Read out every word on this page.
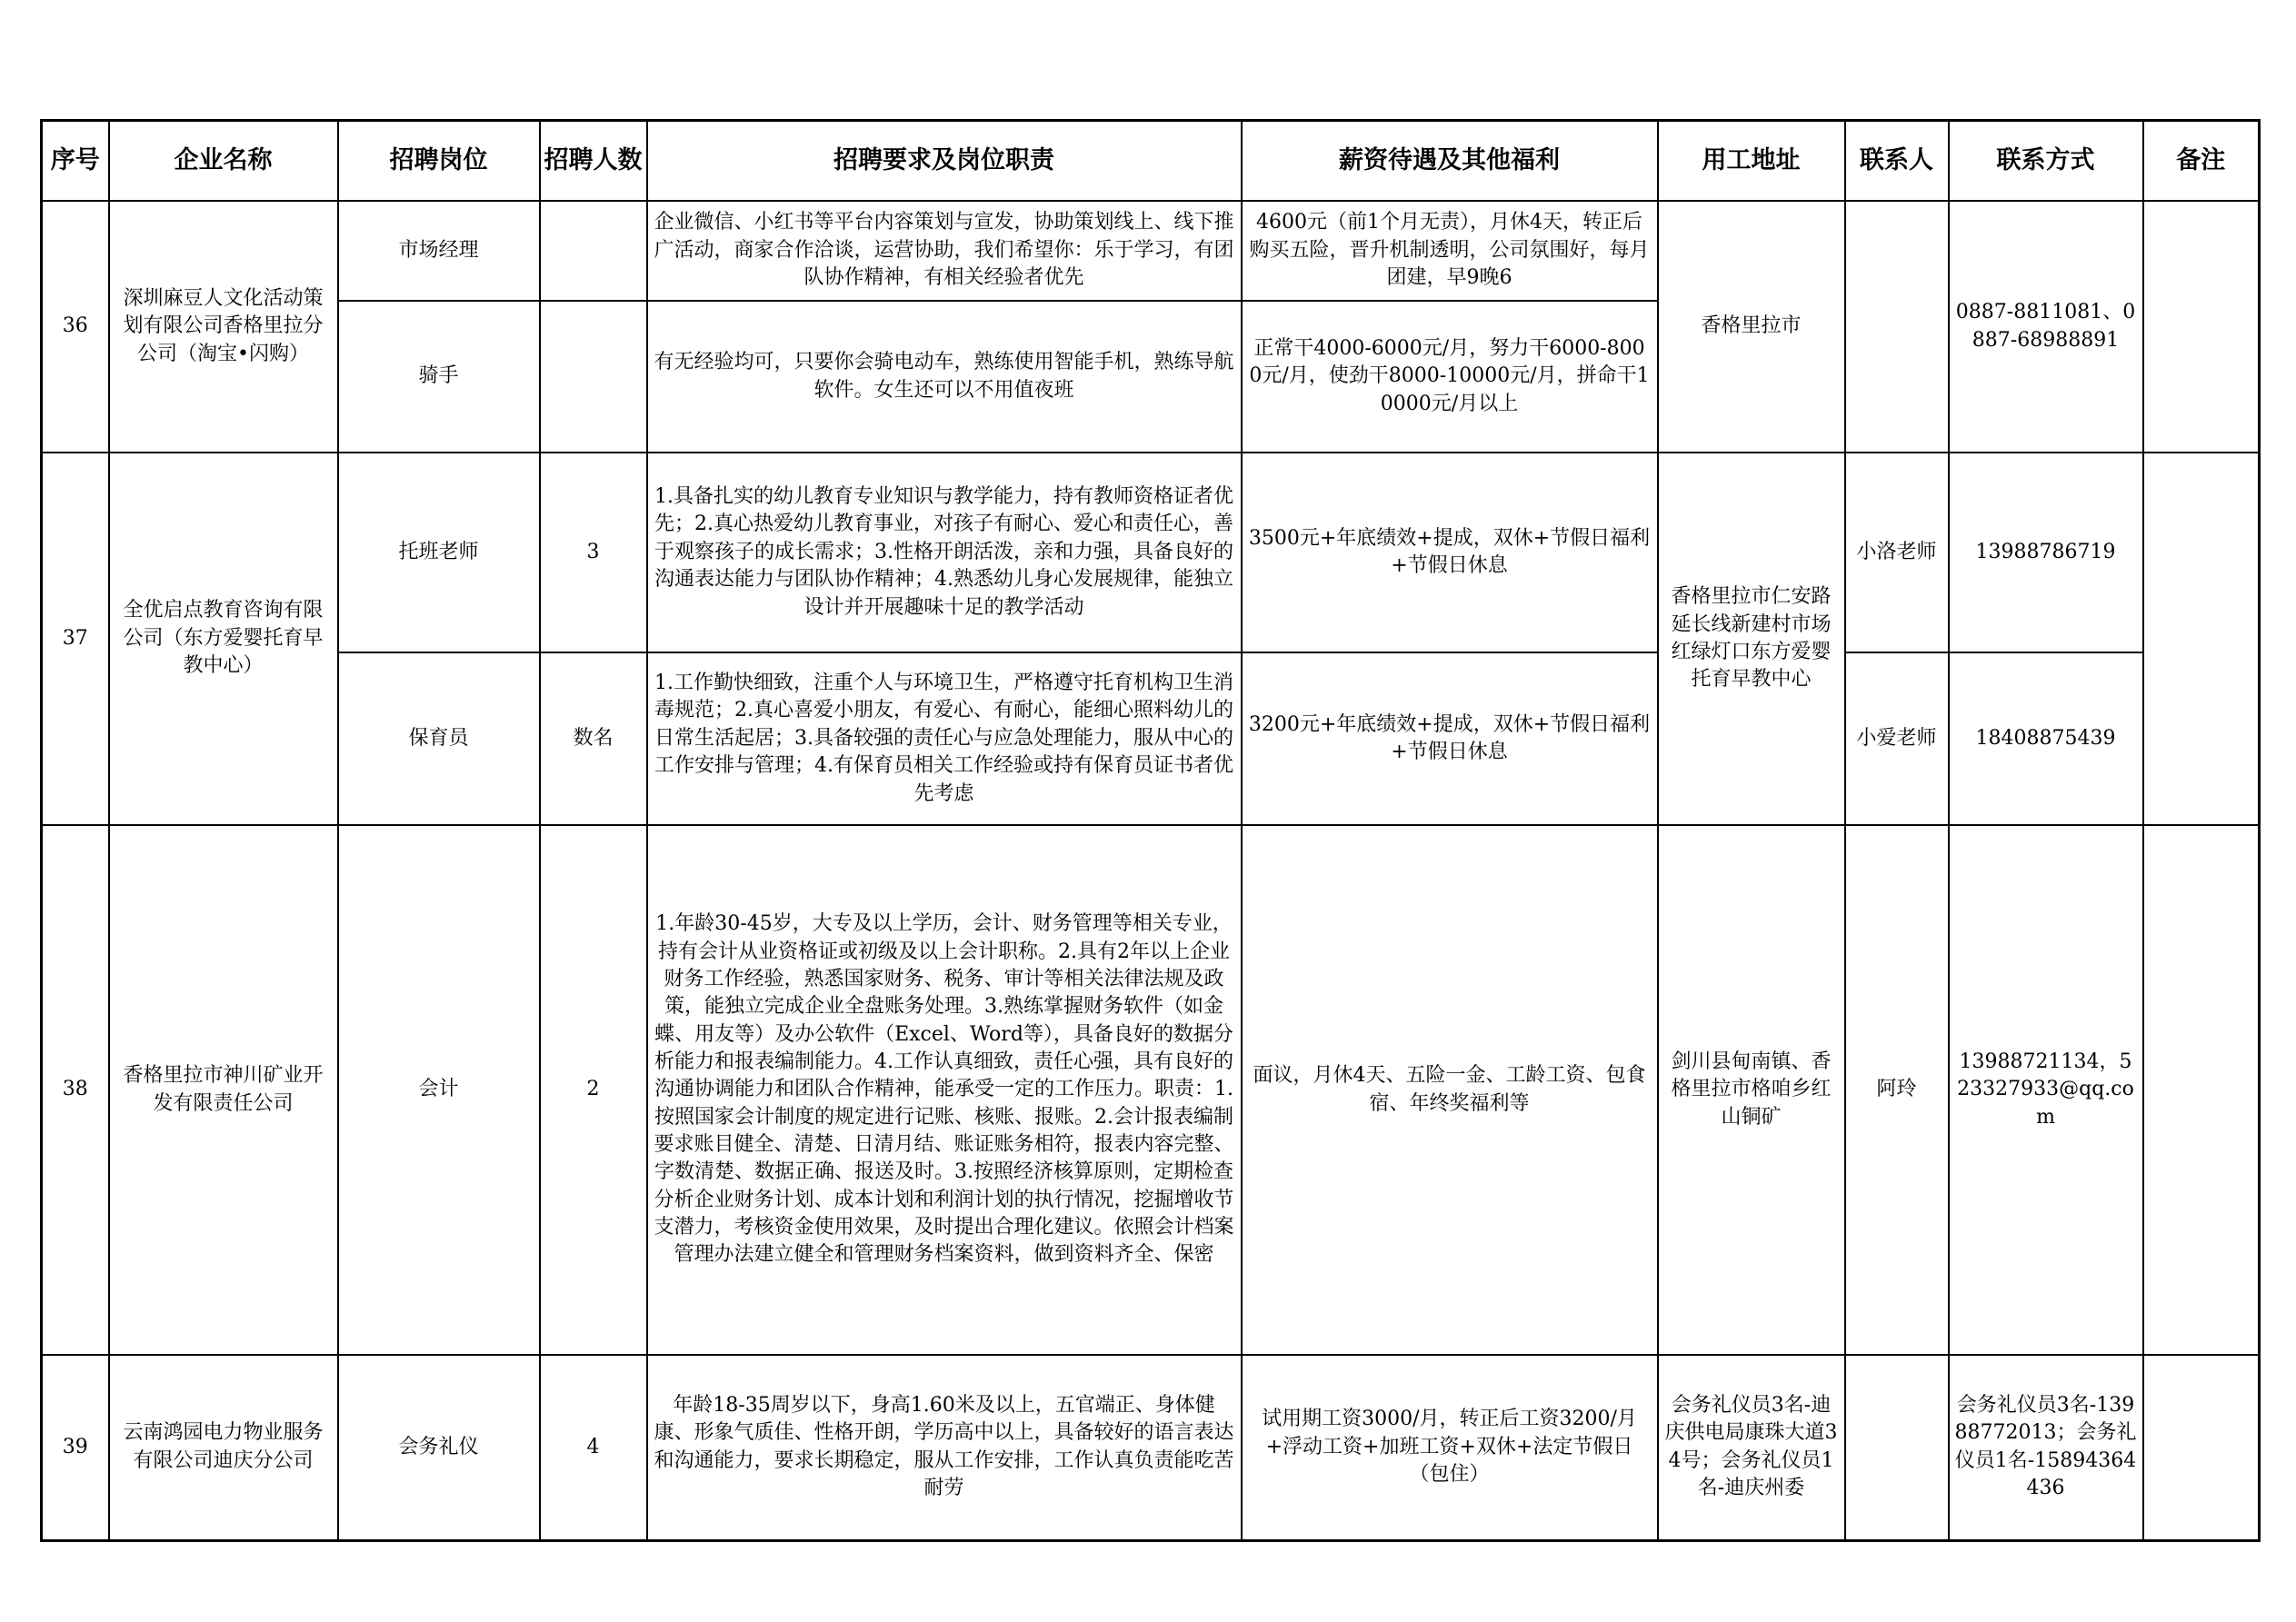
序号	企业名称	招聘岗位	招聘人数	招聘要求及岗位职责	薪资待遇及其他福利	用工地址	联系人	联系方式	备注
36	深圳麻豆人文化活动策划有限公司香格里拉分公司（淘宝•闪购）	市场经理		企业微信、小红书等平台内容策划与宣发，协助策划线上、线下推广活动，商家合作洽谈，运营协助，我们希望你：乐于学习，有团队协作精神，有相关经验者优先	4600元（前1个月无责），月休4天，转正后购买五险，晋升机制透明，公司氛围好，每月团建，早9晚6	香格里拉市		0887-8811081、0887-68988891	
		骑手		有无经验均可，只要你会骑电动车，熟练使用智能手机，熟练导航软件。女生还可以不用值夜班	正常干4000-6000元/月，努力干6000-8000元/月，使劲干8000-10000元/月，拼命干10000元/月以上				
37	全优启点教育咨询有限公司（东方爱婴托育早教中心）	托班老师	3	1.具备扎实的幼儿教育专业知识与教学能力，持有教师资格证者优先；2.真心热爱幼儿教育事业，对孩子有耐心、爱心和责任心，善于观察孩子的成长需求；3.性格开朗活泼，亲和力强，具备良好的沟通表达能力与团队协作精神；4.熟悉幼儿身心发展规律，能独立设计并开展趣味十足的教学活动	3500元+年底绩效+提成，双休+节假日福利+节假日休息	香格里拉市仁安路延长线新建村市场红绿灯口东方爱婴托育早教中心	小洛老师	13988786719	
		保育员	数名	1.工作勤快细致，注重个人与环境卫生，严格遵守托育机构卫生消毒规范；2.真心喜爱小朋友，有爱心、有耐心，能细心照料幼儿的日常生活起居；3.具备较强的责任心与应急处理能力，服从中心的工作安排与管理；4.有保育员相关工作经验或持有保育员证书者优先考虑	3200元+年底绩效+提成，双休+节假日福利+节假日休息		小爱老师	18408875439	
38	香格里拉市神川矿业开发有限责任公司	会计	2	1.年龄30-45岁，大专及以上学历，会计、财务管理等相关专业，持有会计从业资格证或初级及以上会计职称。2.具有2年以上企业财务工作经验，熟悉国家财务、税务、审计等相关法律法规及政策，能独立完成企业全盘账务处理。3.熟练掌握财务软件（如金蝶、用友等）及办公软件（Excel、Word等），具备良好的数据分析能力和报表编制能力。4.工作认真细致，责任心强，具有良好的沟通协调能力和团队合作精神，能承受一定的工作压力。职责：1.按照国家会计制度的规定进行记账、核账、报账。2.会计报表编制要求账目健全、清楚、日清月结、账证账务相符，报表内容完整、字数清楚、数据正确、报送及时。3.按照经济核算原则，定期检查分析企业财务计划、成本计划和利润计划的执行情况，挖掘增收节支潜力，考核资金使用效果，及时提出合理化建议。依照会计档案管理办法建立健全和管理财务档案资料，做到资料齐全、保密	面议，月休4天、五险一金、工龄工资、包食宿、年终奖福利等	剑川县甸南镇、香格里拉市格咱乡红山铜矿	阿玲	13988721134，523327933@qq.com	
39	云南鸿园电力物业服务有限公司迪庆分公司	会务礼仪	4	年龄18-35周岁以下，身高1.60米及以上，五官端正、身体健康、形象气质佳、性格开朗，学历高中以上，具备较好的语言表达和沟通能力，要求长期稳定，服从工作安排，工作认真负责能吃苦耐劳	试用期工资3000/月，转正后工资3200/月+浮动工资+加班工资+双休+法定节假日（包住）	会务礼仪员3名-迪庆供电局康珠大道34号；会务礼仪员1名-迪庆州委		会务礼仪员3名-13988772013；会务礼仪员1名-15894364436	
